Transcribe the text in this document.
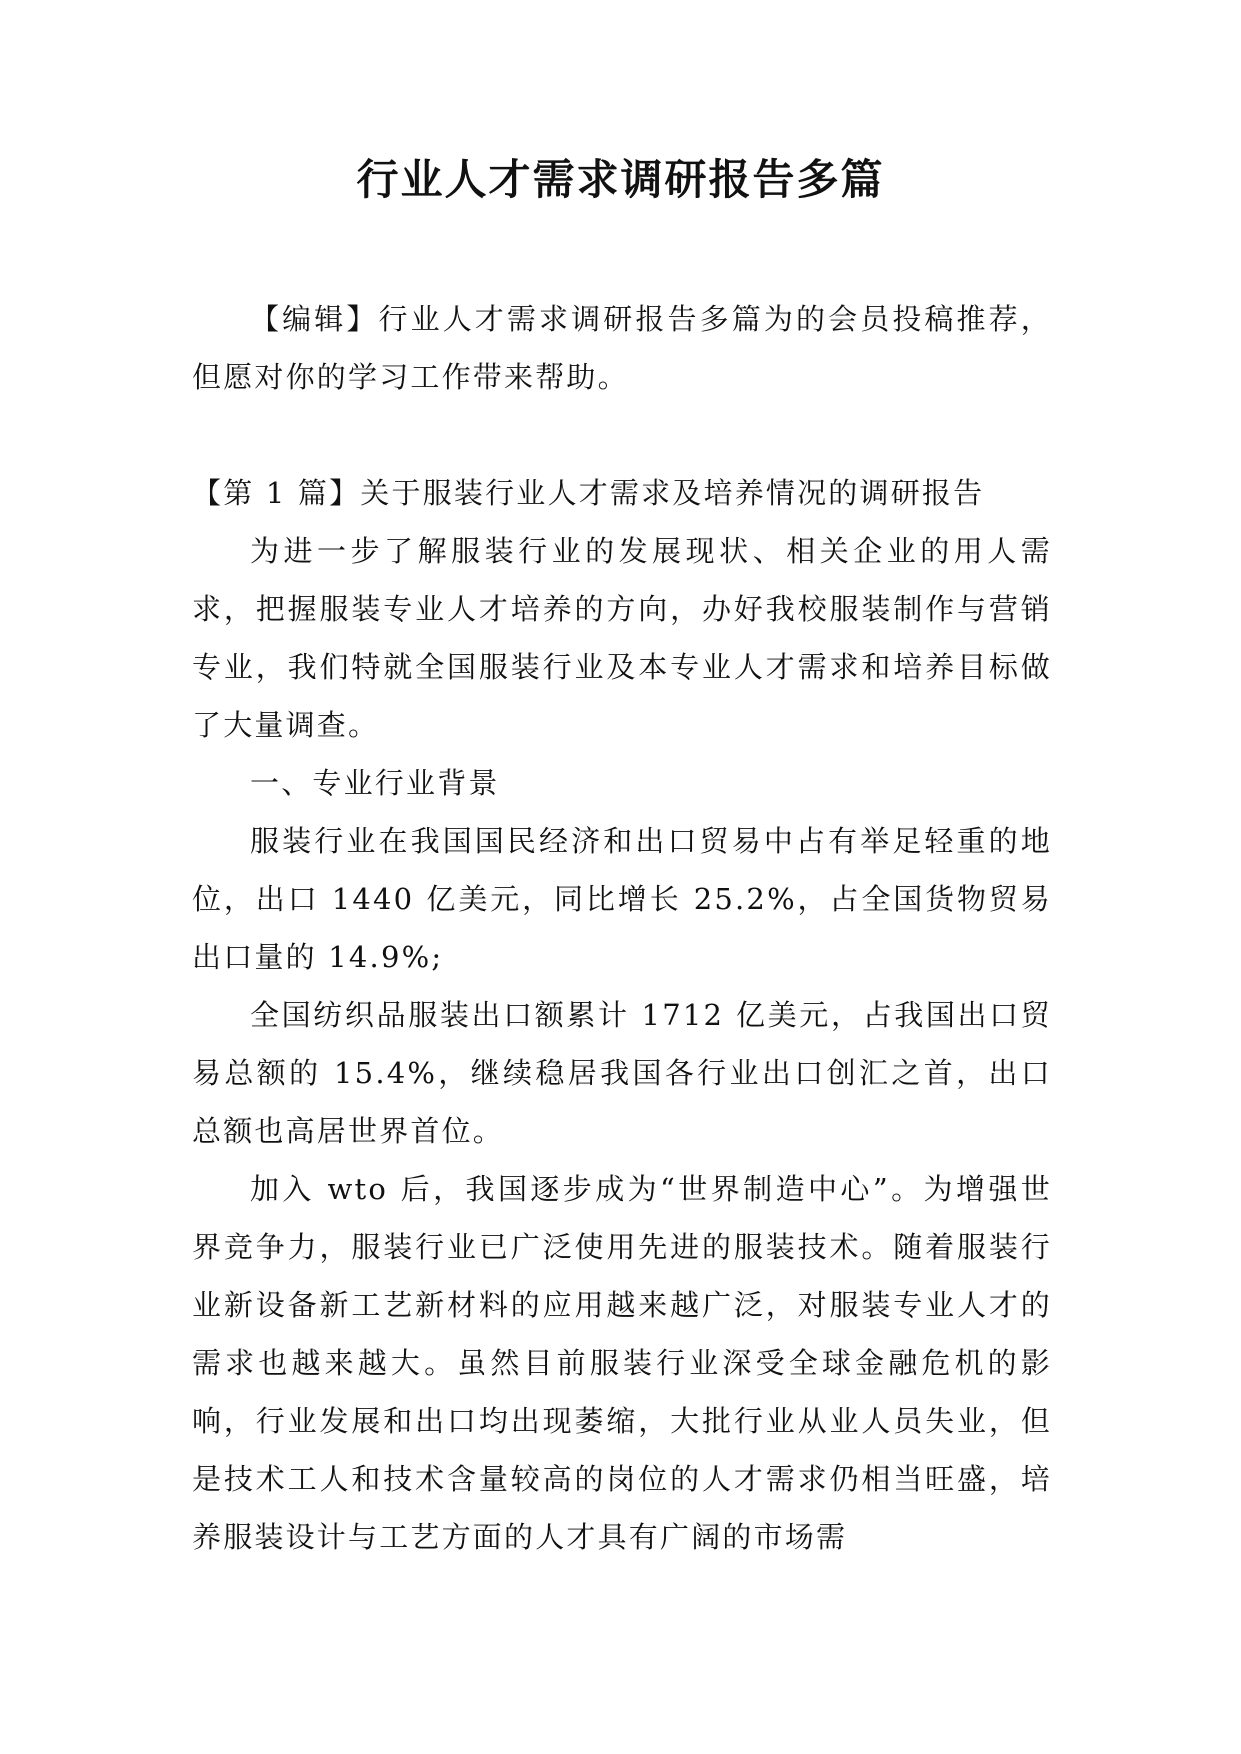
行业人才需求调研报告多篇

【编辑】行业人才需求调研报告多篇为的会员投稿推荐，但愿对你的学习工作带来帮助。

【第 1 篇】关于服装行业人才需求及培养情况的调研报告

为进一步了解服装行业的发展现状、相关企业的用人需求，把握服装专业人才培养的方向，办好我校服装制作与营销专业，我们特就全国服装行业及本专业人才需求和培养目标做了大量调查。

一、专业行业背景

服装行业在我国国民经济和出口贸易中占有举足轻重的地位，出口 1440 亿美元，同比增长 25.2%，占全国货物贸易出口量的 14.9%;

全国纺织品服装出口额累计 1712 亿美元，占我国出口贸易总额的 15.4%，继续稳居我国各行业出口创汇之首，出口总额也高居世界首位。

加入 wto 后，我国逐步成为“世界制造中心”。为增强世界竞争力，服装行业已广泛使用先进的服装技术。随着服装行业新设备新工艺新材料的应用越来越广泛，对服装专业人才的需求也越来越大。虽然目前服装行业深受全球金融危机的影响，行业发展和出口均出现萎缩，大批行业从业人员失业，但是技术工人和技术含量较高的岗位的人才需求仍相当旺盛，培养服装设计与工艺方面的人才具有广阔的市场需
